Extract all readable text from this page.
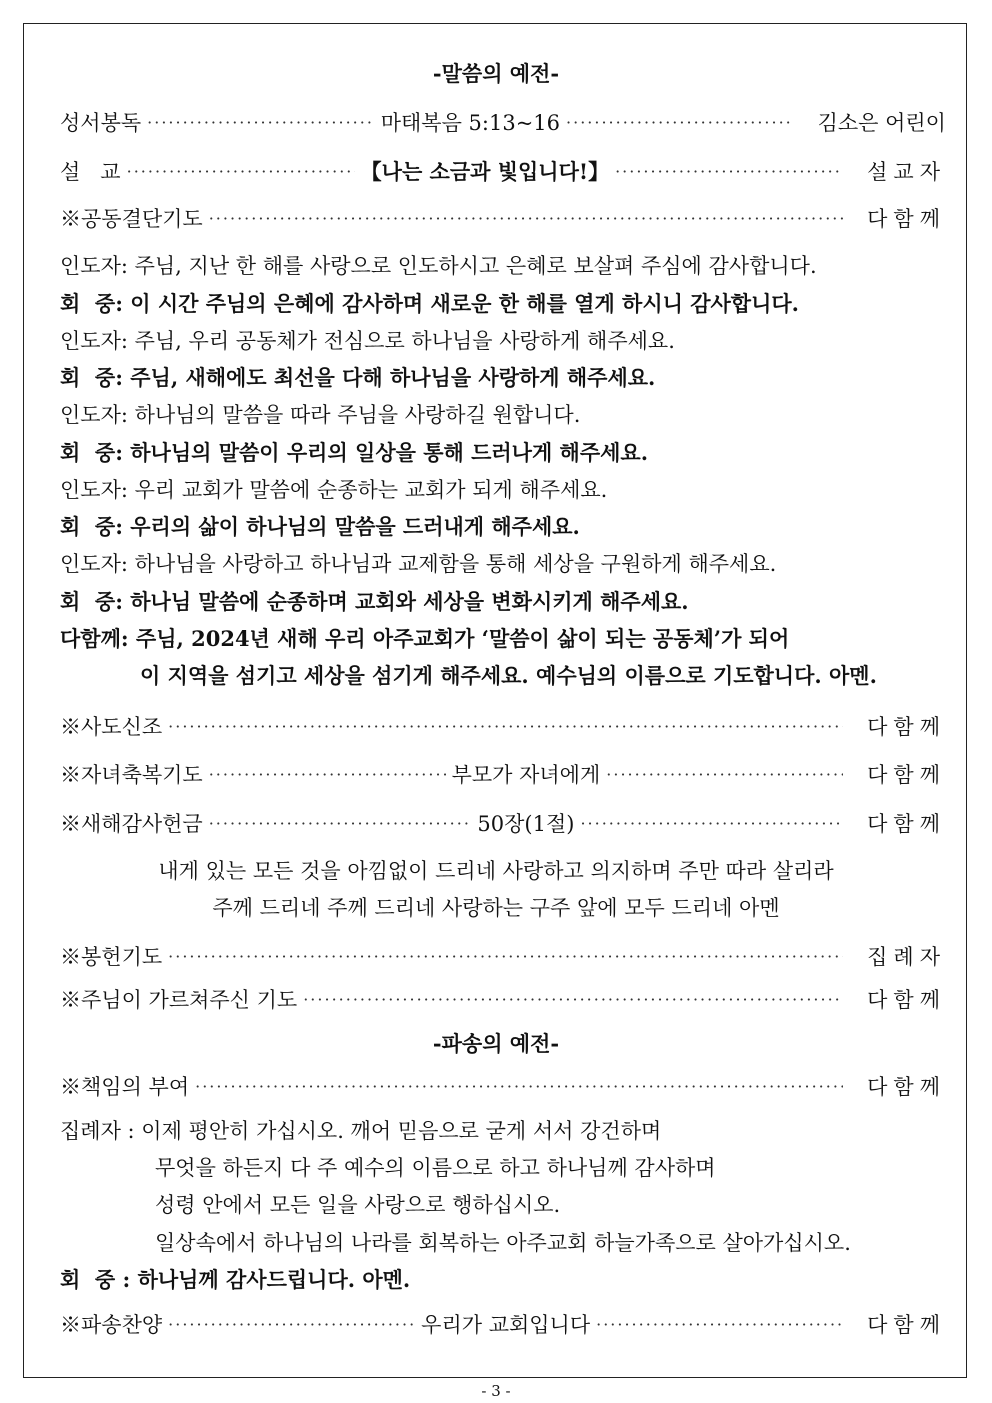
-말씀의 예전-
성서봉독 ·····	마태복음 5:13~16 ·····	김소은 어린이
설   교 ·····	【나는 소금과 빛입니다!】 ·····	설교자
※공동결단기도 ·····	다함께
인도자: 주님, 지난 한 해를 사랑으로 인도하시고 은혜로 보살펴 주심에 감사합니다.
회  중: 이 시간 주님의 은혜에 감사하며 새로운 한 해를 열게 하시니 감사합니다.
인도자: 주님, 우리 공동체가 전심으로 하나님을 사랑하게 해주세요.
회  중: 주님, 새해에도 최선을 다해 하나님을 사랑하게 해주세요.
인도자: 하나님의 말씀을 따라 주님을 사랑하길 원합니다.
회  중: 하나님의 말씀이 우리의 일상을 통해 드러나게 해주세요.
인도자: 우리 교회가 말씀에 순종하는 교회가 되게 해주세요.
회  중: 우리의 삶이 하나님의 말씀을 드러내게 해주세요.
인도자: 하나님을 사랑하고 하나님과 교제함을 통해 세상을 구원하게 해주세요.
회  중: 하나님 말씀에 순종하며 교회와 세상을 변화시키게 해주세요.
다함께: 주님, 2024년 새해 우리 아주교회가 ‘말씀이 삶이 되는 공동체’가 되어
이 지역을 섬기고 세상을 섬기게 해주세요. 예수님의 이름으로 기도합니다. 아멘.
※사도신조 ·····	다함께
※자녀축복기도 ·····	부모가 자녀에게 ·····	다함께
※새해감사헌금 ·····	50장(1절) ·····	다함께
내게 있는 모든 것을 아낌없이 드리네 사랑하고 의지하며 주만 따라 살리라
주께 드리네 주께 드리네 사랑하는 구주 앞에 모두 드리네 아멘
※봉헌기도 ·····	집례자
※주님이 가르쳐주신 기도 ·····	다함께
-파송의 예전-
※책임의 부여 ·····	다함께
집례자 : 이제 평안히 가십시오. 깨어 믿음으로 굳게 서서 강건하며
무엇을 하든지 다 주 예수의 이름으로 하고 하나님께 감사하며
성령 안에서 모든 일을 사랑으로 행하십시오.
일상속에서 하나님의 나라를 회복하는 아주교회 하늘가족으로 살아가십시오.
회  중 : 하나님께 감사드립니다. 아멘.
※파송찬양 ·····	우리가 교회입니다 ·····	다함께
- 3 -
